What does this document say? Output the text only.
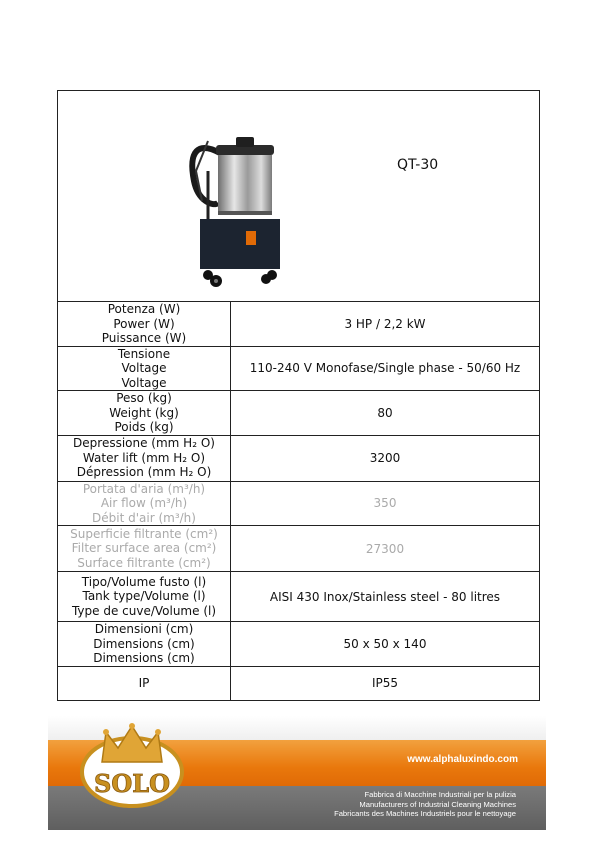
QT-30
Potenza (W)
Power (W)
Puissance (W)	3 HP / 2,2 kW

Tensione
Voltage
Voltage	110-240 V Monofase/Single phase - 50/60 Hz

Peso (kg)
Weight (kg)
Poids (kg)	80

Depressione (mm H₂ O)
Water lift (mm H₂ O)
Dépression (mm H₂ O)	3200

Portata d'aria (m³/h)
Air flow (m³/h)
Débit d'air (m³/h)	350

Superficie filtrante (cm²)
Filter surface area (cm²)
Surface filtrante (cm²)	27300

Tipo/Volume fusto (l)
Tank type/Volume (l)
Type de cuve/Volume (l)	AISI 430 Inox/Stainless steel - 80 litres

Dimensioni (cm)
Dimensions (cm)
Dimensions (cm)	50 x 50 x 140

IP	IP55
SOLO
www.alphaluxindo.com
Fabbrica di Macchine Industriali per la pulizia
Manufacturers of Industrial Cleaning Machines
Fabricants des Machines Industriels pour le nettoyage
